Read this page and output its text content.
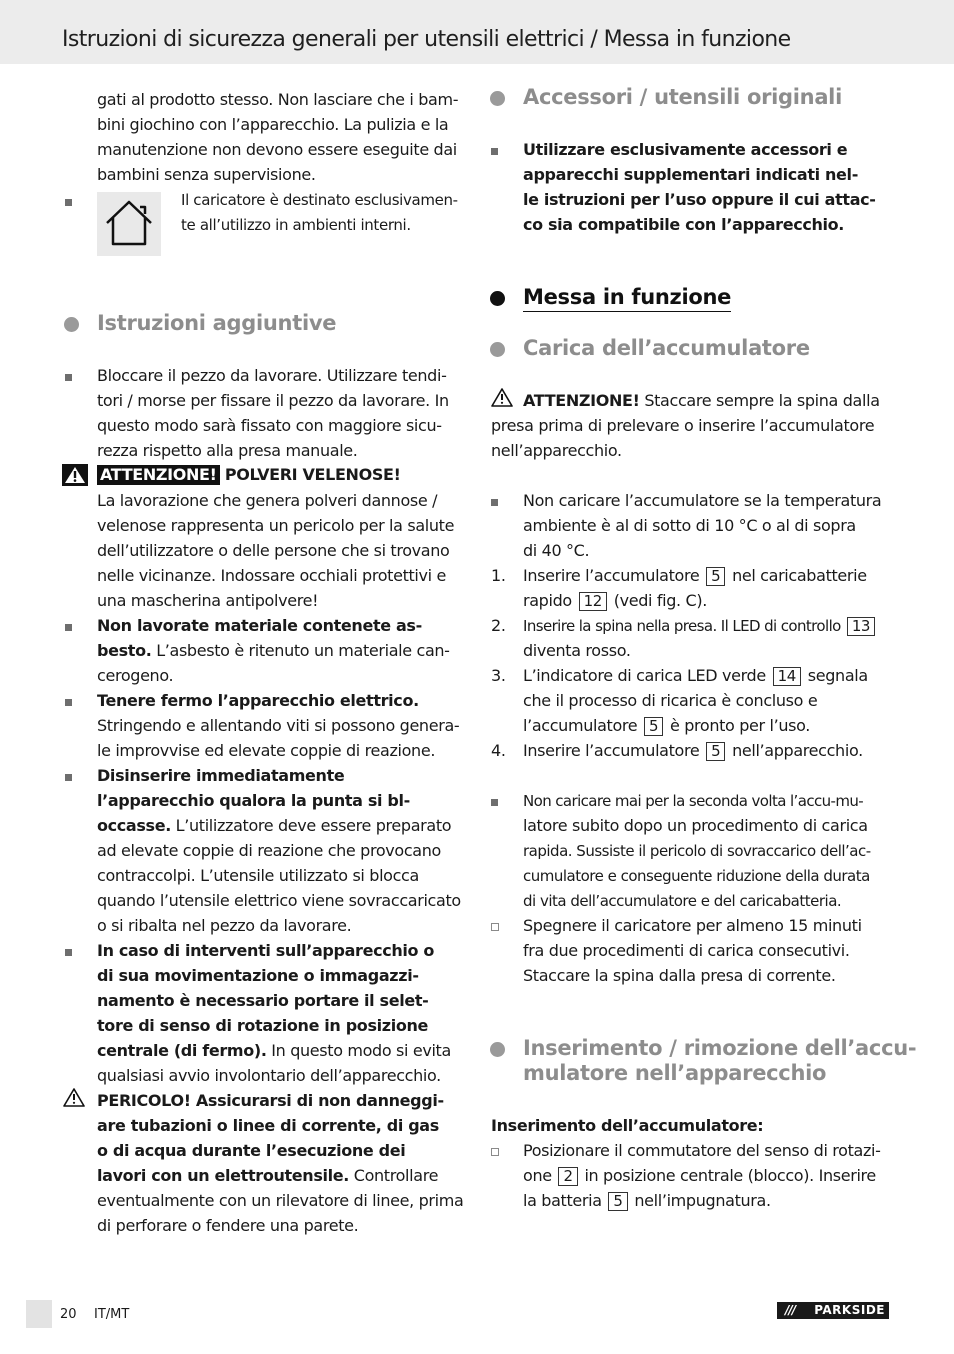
Istruzioni di sicurezza generali per utensili elettrici / Messa in funzione
gati al prodotto stesso. Non lasciare che i bam-
bini giochino con l’apparecchio. La pulizia e la
manutenzione non devono essere eseguite dai
bambini senza supervisione.
Il caricatore è destinato esclusivamen-
te all’utilizzo in ambienti interni.
Istruzioni aggiuntive
Bloccare il pezzo da lavorare. Utilizzare tendi-
tori / morse per fissare il pezzo da lavorare. In
questo modo sarà fissato con maggiore sicu-
rezza rispetto alla presa manuale.
ATTENZIONE! POLVERI VELENOSE!
La lavorazione che genera polveri dannose /
velenose rappresenta un pericolo per la salute
dell’utilizzatore o delle persone che si trovano
nelle vicinanze. Indossare occhiali protettivi e
una mascherina antipolvere!
Non lavorate materiale contenete as-
besto. L’asbesto è ritenuto un materiale can-
cerogeno.
Tenere fermo l’apparecchio elettrico.
Stringendo e allentando viti si possono genera-
le improvvise ed elevate coppie di reazione.
Disinserire immediatamente
l’apparecchio qualora la punta si bl-
occasse. L’utilizzatore deve essere preparato
ad elevate coppie di reazione che provocano
contraccolpi. L’utensile utilizzato si blocca
quando l’utensile elettrico viene sovraccaricato
o si ribalta nel pezzo da lavorare.
In caso di interventi sull’apparecchio o
di sua movimentazione o immagazzi-
namento è necessario portare il selet-
tore di senso di rotazione in posizione
centrale (di fermo). In questo modo si evita
qualsiasi avvio involontario dell’apparecchio.
PERICOLO! Assicurarsi di non danneggi-
are tubazioni o linee di corrente, di gas
o di acqua durante l’esecuzione dei
lavori con un elettroutensile. Controllare
eventualmente con un rilevatore di linee, prima
di perforare o fendere una parete.
Accessori / utensili originali
Utilizzare esclusivamente accessori e
apparecchi supplementari indicati nel-
le istruzioni per l’uso oppure il cui attac-
co sia compatibile con l’apparecchio.
Messa in funzione
Carica dell’accumulatore
ATTENZIONE! Staccare sempre la spina dalla
presa prima di prelevare o inserire l’accumulatore
nell’apparecchio.
Non caricare l’accumulatore se la temperatura
ambiente è al di sotto di 10 °C o al di sopra
di 40 °C.
1. Inserire l’accumulatore 5 nel caricabatterie
rapido 12 (vedi fig. C).
2. Inserire la spina nella presa. Il LED di controllo 13
diventa rosso.
3. L’indicatore di carica LED verde 14 segnala
che il processo di ricarica è concluso e
l’accumulatore 5 è pronto per l’uso.
4. Inserire l’accumulatore 5 nell’apparecchio.
Non caricare mai per la seconda volta l’accu-mu-
latore subito dopo un procedimento di carica
rapida. Sussiste il pericolo di sovraccarico dell’ac-
cumulatore e conseguente riduzione della durata
di vita dell’accumulatore e del caricabatteria.
Spegnere il caricatore per almeno 15 minuti
fra due procedimenti di carica consecutivi.
Staccare la spina dalla presa di corrente.
Inserimento / rimozione dell’accu-
mulatore nell’apparecchio
Inserimento dell’accumulatore:
Posizionare il commutatore del senso di rotazi-
one 2 in posizione centrale (blocco). Inserire
la batteria 5 nell’impugnatura.
20 IT/MT	/// PARKSIDE
